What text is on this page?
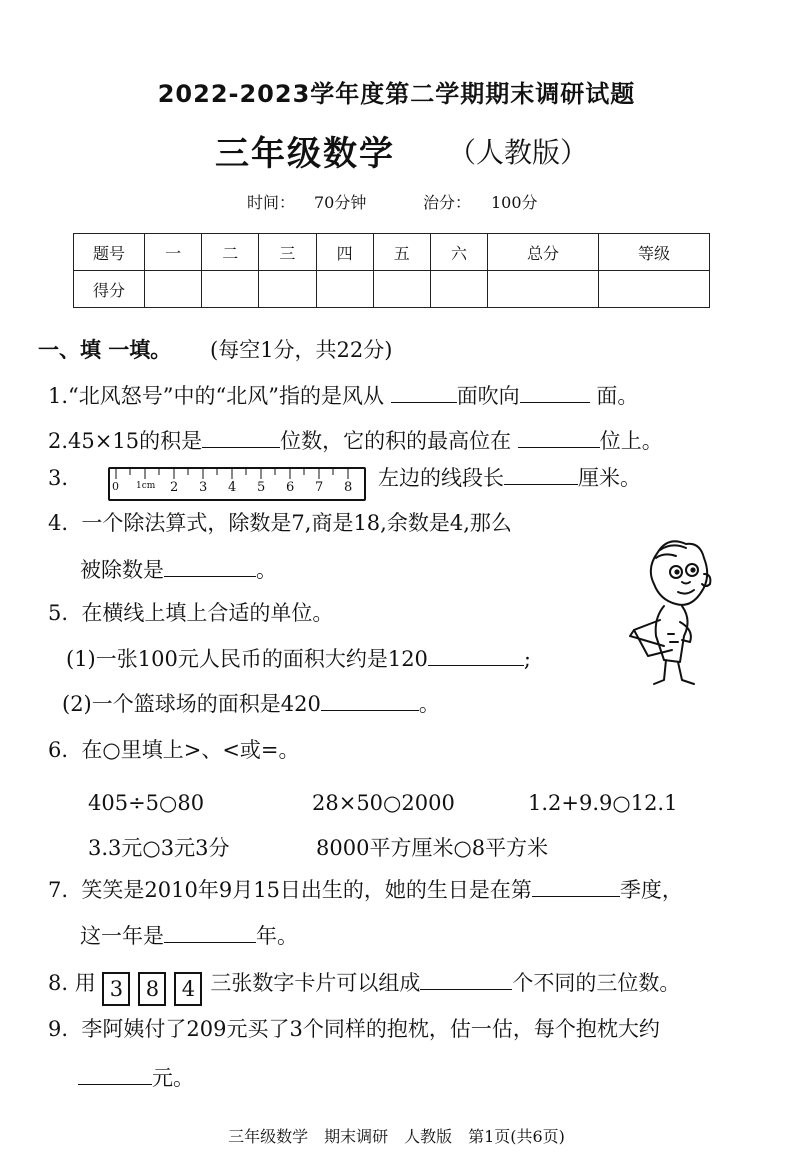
2022-2023学年度第二学期期末调研试题
三年级数学 （人教版）
时间： 70分钟	治分： 100分
题号	一	二	三	四	五	六	总分	等级
得分								
一、填 一填。 (每空1分，共22分)
1.“北风怒号”中的“北风”指的是风从	面吹向	面。
2.45×15的积是	位数，它的积的最高位在	位上。
3.	0 1cm 2 3 4 5 6 7 8 左边的线段长	厘米。
4. 一个除法算式，除数是7,商是18,余数是4,那么
被除数是	。
5. 在横线上填上合适的单位。
(1)一张100元人民币的面积大约是120	;
(2)一个篮球场的面积是420	。
6. 在○里填上>、<或=。
405÷5○80	28×50○2000	1.2+9.9○12.1
3.3元○3元3分	8000平方厘米○8平方米
7. 笑笑是2010年9月15日出生的，她的生日是在第	季度，
这一年是	年。
8. 用 3 8 4 三张数字卡片可以组成	个不同的三位数。
9. 李阿姨付了209元买了3个同样的抱枕，估一估，每个抱枕大约
元。
三年级数学　期末调研　人教版　第1页(共6页)
